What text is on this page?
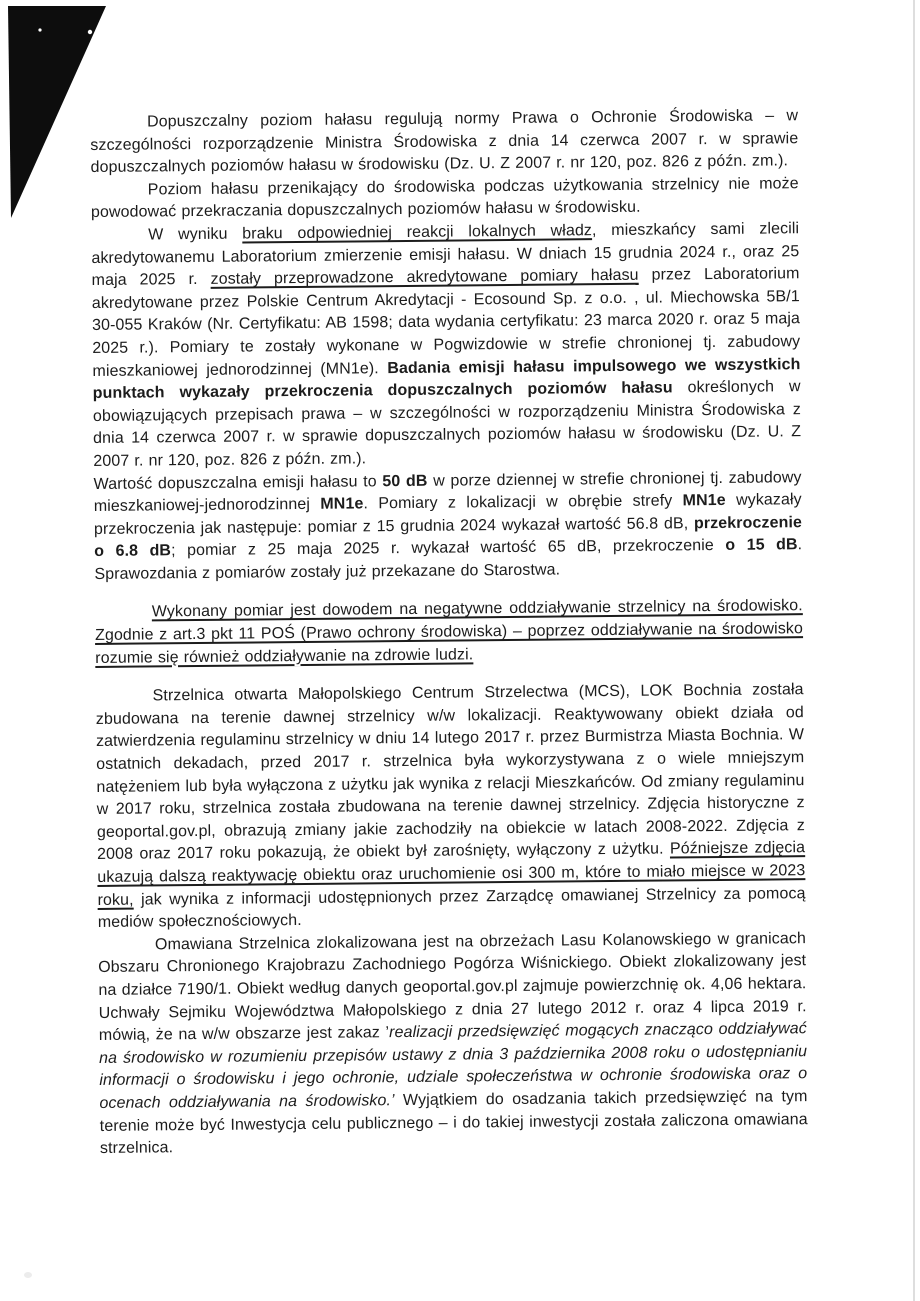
Dopuszczalny poziom hałasu regulują normy Prawa o Ochronie Środowiska – w szczególności rozporządzenie Ministra Środowiska z dnia 14 czerwca 2007 r. w sprawie dopuszczalnych poziomów hałasu w środowisku (Dz. U. Z 2007 r. nr 120, poz. 826 z późn. zm.).

Poziom hałasu przenikający do środowiska podczas użytkowania strzelnicy nie może powodować przekraczania dopuszczalnych poziomów hałasu w środowisku.

W wyniku braku odpowiedniej reakcji lokalnych władz, mieszkańcy sami zlecili akredytowanemu Laboratorium zmierzenie emisji hałasu. W dniach 15 grudnia 2024 r., oraz 25 maja 2025 r. zostały przeprowadzone akredytowane pomiary hałasu przez Laboratorium akredytowane przez Polskie Centrum Akredytacji - Ecosound Sp. z o.o. , ul. Miechowska 5B/1 30-055 Kraków (Nr. Certyfikatu: AB 1598; data wydania certyfikatu: 23 marca 2020 r. oraz 5 maja 2025 r.). Pomiary te zostały wykonane w Pogwizdowie w strefie chronionej tj. zabudowy mieszkaniowej jednorodzinnej (MN1e). Badania emisji hałasu impulsowego we wszystkich punktach wykazały przekroczenia dopuszczalnych poziomów hałasu określonych w obowiązujących przepisach prawa – w szczególności w rozporządzeniu Ministra Środowiska z dnia 14 czerwca 2007 r. w sprawie dopuszczalnych poziomów hałasu w środowisku (Dz. U. Z 2007 r. nr 120, poz. 826 z późn. zm.).

Wartość dopuszczalna emisji hałasu to 50 dB w porze dziennej w strefie chronionej tj. zabudowy mieszkaniowej-jednorodzinnej MN1e. Pomiary z lokalizacji w obrębie strefy MN1e wykazały przekroczenia jak następuje: pomiar z 15 grudnia 2024 wykazał wartość 56.8 dB, przekroczenie o 6.8 dB; pomiar z 25 maja 2025 r. wykazał wartość 65 dB, przekroczenie o 15 dB. Sprawozdania z pomiarów zostały już przekazane do Starostwa.

Wykonany pomiar jest dowodem na negatywne oddziaływanie strzelnicy na środowisko. Zgodnie z art.3 pkt 11 POŚ (Prawo ochrony środowiska) – poprzez oddziaływanie na środowisko rozumie się również oddziaływanie na zdrowie ludzi.

Strzelnica otwarta Małopolskiego Centrum Strzelectwa (MCS), LOK Bochnia została zbudowana na terenie dawnej strzelnicy w/w lokalizacji. Reaktywowany obiekt działa od zatwierdzenia regulaminu strzelnicy w dniu 14 lutego 2017 r. przez Burmistrza Miasta Bochnia. W ostatnich dekadach, przed 2017 r. strzelnica była wykorzystywana z o wiele mniejszym natężeniem lub była wyłączona z użytku jak wynika z relacji Mieszkańców. Od zmiany regulaminu w 2017 roku, strzelnica została zbudowana na terenie dawnej strzelnicy. Zdjęcia historyczne z geoportal.gov.pl, obrazują zmiany jakie zachodziły na obiekcie w latach 2008-2022. Zdjęcia z 2008 oraz 2017 roku pokazują, że obiekt był zarośnięty, wyłączony z użytku. Późniejsze zdjęcia ukazują dalszą reaktywację obiektu oraz uruchomienie osi 300 m, które to miało miejsce w 2023 roku, jak wynika z informacji udostępnionych przez Zarządcę omawianej Strzelnicy za pomocą mediów społecznościowych.

Omawiana Strzelnica zlokalizowana jest na obrzeżach Lasu Kolanowskiego w granicach Obszaru Chronionego Krajobrazu Zachodniego Pogórza Wiśnickiego. Obiekt zlokalizowany jest na działce 7190/1. Obiekt według danych geoportal.gov.pl zajmuje powierzchnię ok. 4,06 hektara. Uchwały Sejmiku Województwa Małopolskiego z dnia 27 lutego 2012 r. oraz 4 lipca 2019 r. mówią, że na w/w obszarze jest zakaz ’realizacji przedsięwzięć mogących znacząco oddziaływać na środowisko w rozumieniu przepisów ustawy z dnia 3 października 2008 roku o udostępnianiu informacji o środowisku i jego ochronie, udziale społeczeństwa w ochronie środowiska oraz o ocenach oddziaływania na środowisko.’ Wyjątkiem do osadzania takich przedsięwzięć na tym terenie może być Inwestycja celu publicznego – i do takiej inwestycji została zaliczona omawiana strzelnica.
